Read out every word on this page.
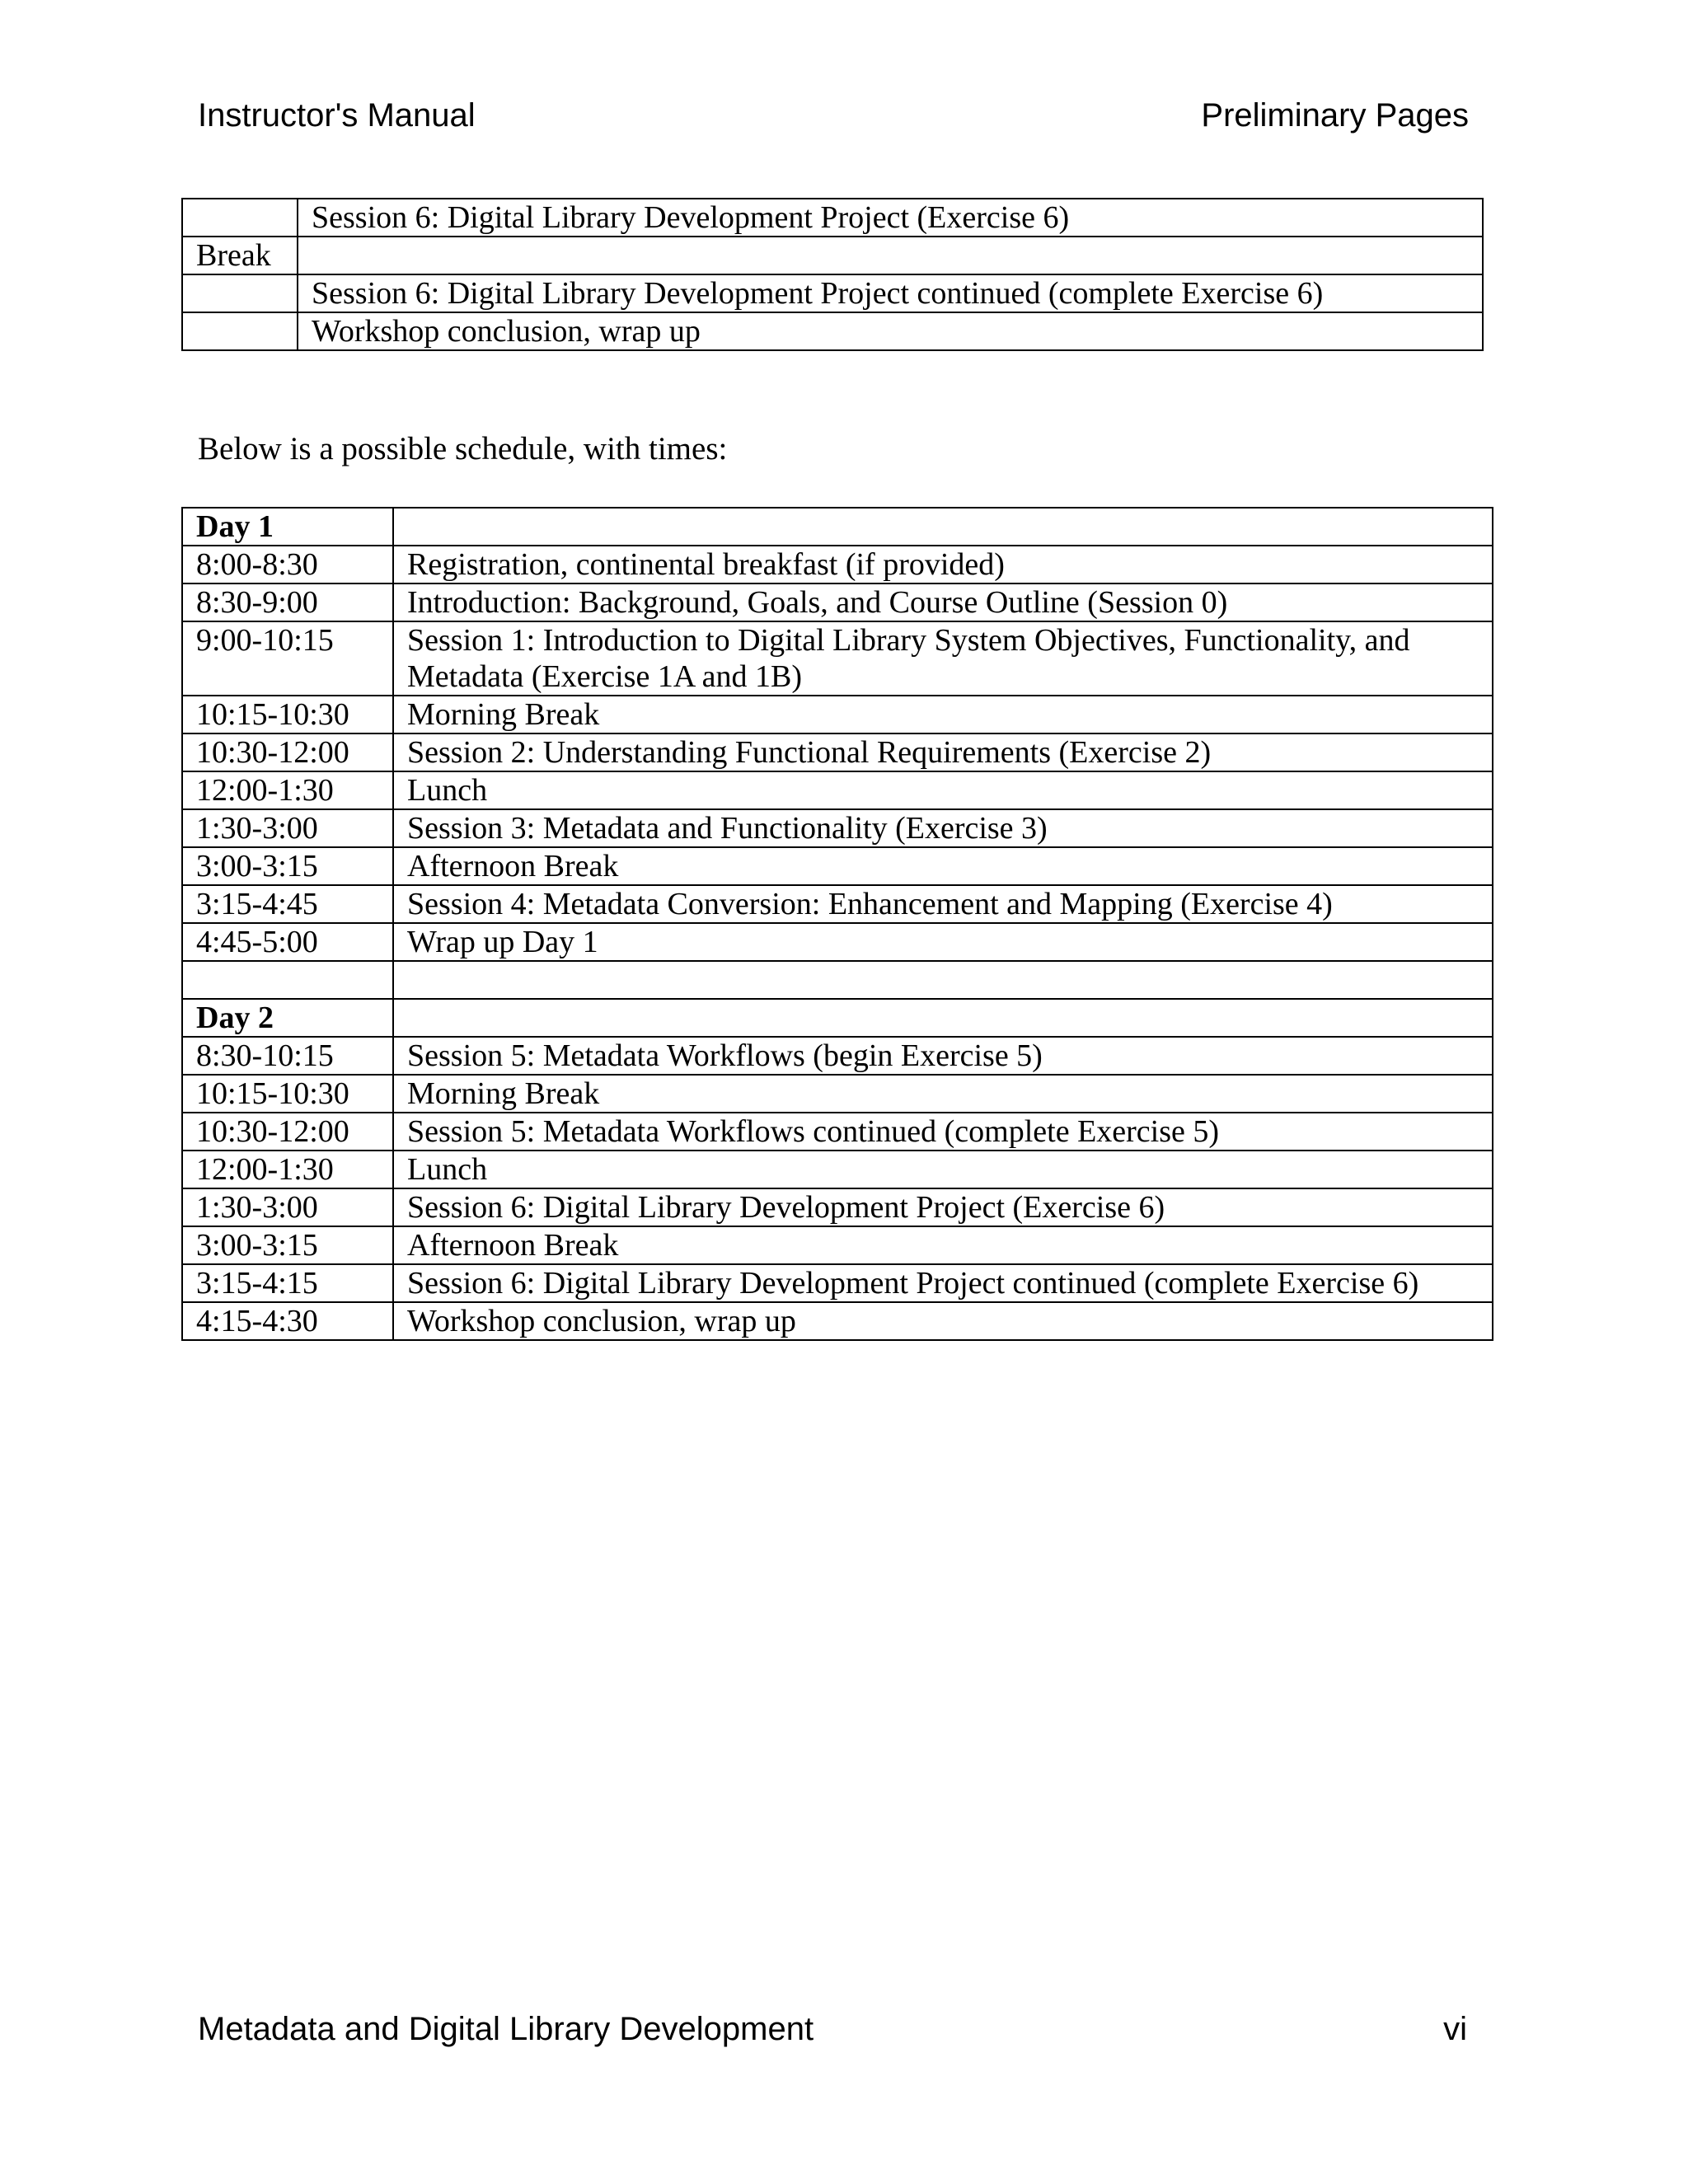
Instructor's Manual	Preliminary Pages
	Session 6: Digital Library Development Project (Exercise 6)
Break	
	Session 6: Digital Library Development Project continued (complete Exercise 6)
	Workshop conclusion, wrap up
Below is a possible schedule, with times:
Day 1	
8:00-8:30	Registration, continental breakfast (if provided)
8:30-9:00	Introduction: Background, Goals, and Course Outline (Session 0)
9:00-10:15	Session 1: Introduction to Digital Library System Objectives, Functionality, and Metadata (Exercise 1A and 1B)
10:15-10:30	Morning Break
10:30-12:00	Session 2: Understanding Functional Requirements (Exercise 2)
12:00-1:30	Lunch
1:30-3:00	Session 3: Metadata and Functionality (Exercise 3)
3:00-3:15	Afternoon Break
3:15-4:45	Session 4: Metadata Conversion: Enhancement and Mapping (Exercise 4)
4:45-5:00	Wrap up Day 1

Day 2	
8:30-10:15	Session 5: Metadata Workflows (begin Exercise 5)
10:15-10:30	Morning Break
10:30-12:00	Session 5: Metadata Workflows continued (complete Exercise 5)
12:00-1:30	Lunch
1:30-3:00	Session 6: Digital Library Development Project (Exercise 6)
3:00-3:15	Afternoon Break
3:15-4:15	Session 6: Digital Library Development Project continued (complete Exercise 6)
4:15-4:30	Workshop conclusion, wrap up
Metadata and Digital Library Development	vi
